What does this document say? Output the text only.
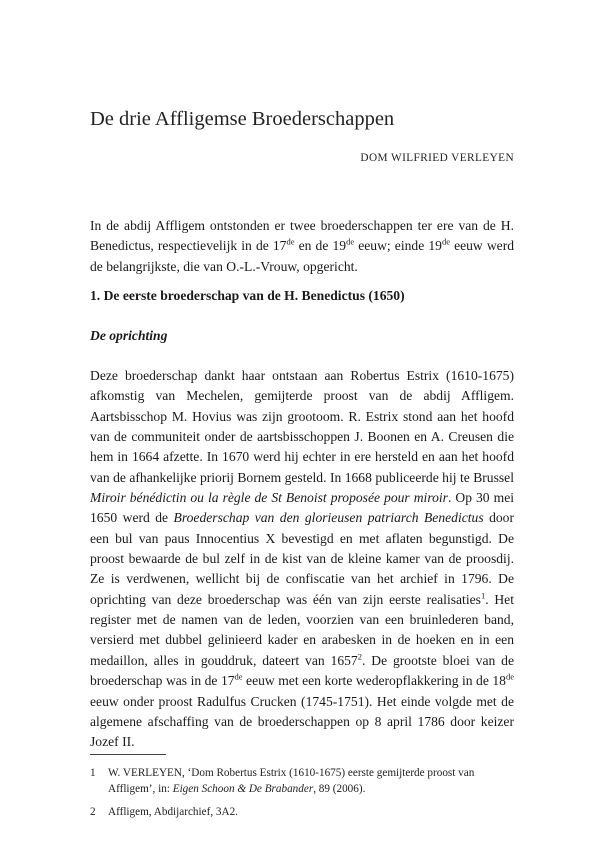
De drie Affligemse Broederschappen
DOM WILFRIED VERLEYEN

In de abdij Affligem ontstonden er twee broederschappen ter ere van de H. Benedictus, respectievelijk in de 17de en de 19de eeuw; einde 19de eeuw werd de belangrijkste, die van O.-L.-Vrouw, opgericht.

1. De eerste broederschap van de H. Benedictus (1650)
De oprichting

Deze broederschap dankt haar ontstaan aan Robertus Estrix (1610-1675) afkomstig van Mechelen, gemijterde proost van de abdij Affligem. Aartsbisschop M. Hovius was zijn grootoom. R. Estrix stond aan het hoofd van de communiteit onder de aartsbisschoppen J. Boonen en A. Creusen die hem in 1664 afzette. In 1670 werd hij echter in ere hersteld en aan het hoofd van de afhankelijke priorij Bornem gesteld. In 1668 publiceerde hij te Brussel Miroir bénédictin ou la règle de St Benoist proposée pour miroir. Op 30 mei 1650 werd de Broederschap van den glorieusen patriarch Benedictus door een bul van paus Innocentius X bevestigd en met aflaten begunstigd. De proost bewaarde de bul zelf in de kist van de kleine kamer van de proosdij. Ze is verdwenen, wellicht bij de confiscatie van het archief in 1796. De oprichting van deze broederschap was één van zijn eerste realisaties$^1$. Het register met de namen van de leden, voorzien van een bruinlederen band, versierd met dubbel gelinieerd kader en arabesken in de hoeken en in een medaillon, alles in gouddruk, dateert van 1657$^2$. De grootste bloei van de broederschap was in de 17de eeuw met een korte wederopflakkering in de 18de eeuw onder proost Radulfus Crucken (1745-1751). Het einde volgde met de algemene afschaffing van de broederschappen op 8 april 1786 door keizer Jozef II.

1 W. VERLEYEN, ‘Dom Robertus Estrix (1610-1675) eerste gemijterde proost van Affligem’, in: Eigen Schoon & De Brabander, 89 (2006).
2 Affligem, Abdijarchief, 3A2.
